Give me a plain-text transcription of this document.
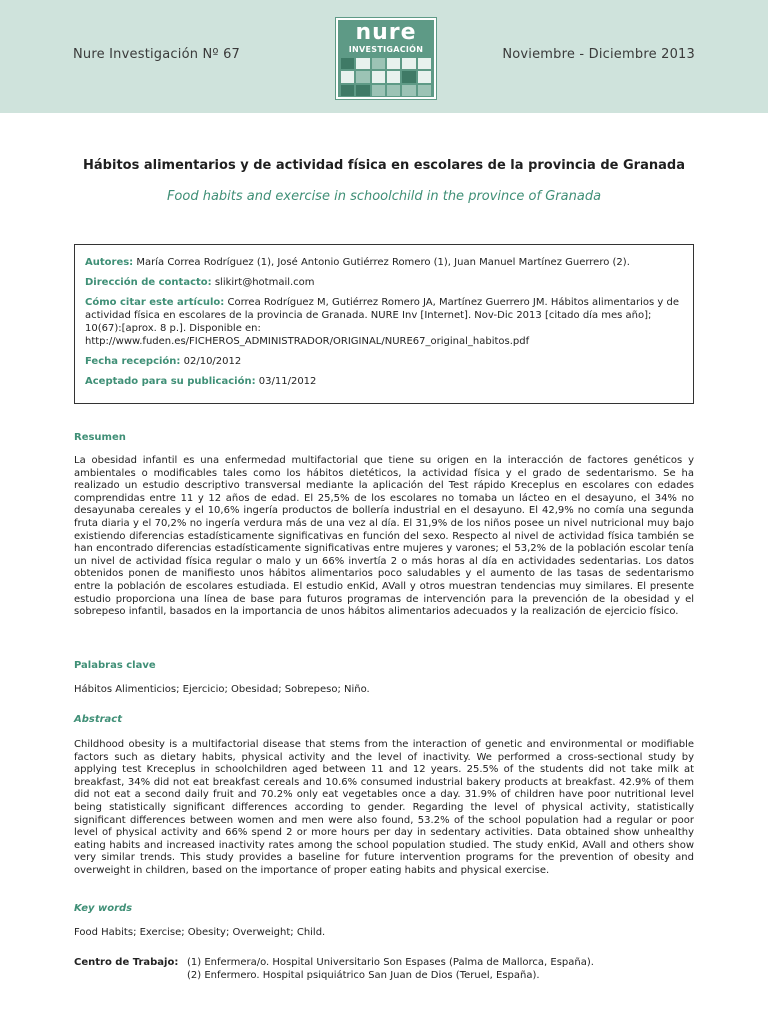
Nure Investigación Nº 67
nure
INVESTIGACIÓN	Noviembre - Diciembre 2013
Hábitos alimentarios y de actividad física en escolares de la provincia de Granada
Food habits and exercise in schoolchild in the province of Granada
Autores: María Correa Rodríguez (1), José Antonio Gutiérrez Romero (1), Juan Manuel Martínez Guerrero (2).
Dirección de contacto: slikirt@hotmail.com
Cómo citar este artículo: Correa Rodríguez M, Gutiérrez Romero JA, Martínez Guerrero JM. Hábitos alimentarios y de actividad física en escolares de la provincia de Granada. NURE Inv [Internet]. Nov-Dic 2013 [citado día mes año]; 10(67):[aprox. 8 p.]. Disponible en: http://www.fuden.es/FICHEROS_ADMINISTRADOR/ORIGINAL/NURE67_original_habitos.pdf
Fecha recepción: 02/10/2012
Aceptado para su publicación: 03/11/2012
Resumen
La obesidad infantil es una enfermedad multifactorial que tiene su origen en la interacción de factores genéticos y ambientales o modificables tales como los hábitos dietéticos, la actividad física y el grado de sedentarismo. Se ha realizado un estudio descriptivo transversal mediante la aplicación del Test rápido Kreceplus en escolares con edades comprendidas entre 11 y 12 años de edad. El 25,5% de los escolares no tomaba un lácteo en el desayuno, el 34% no desayunaba cereales y el 10,6% ingería productos de bollería industrial en el desayuno. El 42,9% no comía una segunda fruta diaria y el 70,2% no ingería verdura más de una vez al día. El 31,9% de los niños posee un nivel nutricional muy bajo existiendo diferencias estadísticamente significativas en función del sexo. Respecto al nivel de actividad física también se han encontrado diferencias estadísticamente significativas entre mujeres y varones; el 53,2% de la población escolar tenía un nivel de actividad física regular o malo y un 66% invertía 2 o más horas al día en actividades sedentarias. Los datos obtenidos ponen de manifiesto unos hábitos alimentarios poco saludables y el aumento de las tasas de sedentarismo entre la población de escolares estudiada. El estudio enKid, AVall y otros muestran tendencias muy similares. El presente estudio proporciona una línea de base para futuros programas de intervención para la prevención de la obesidad y el sobrepeso infantil, basados en la importancia de unos hábitos alimentarios adecuados y la realización de ejercicio físico.
Palabras clave
Hábitos Alimenticios; Ejercicio; Obesidad; Sobrepeso; Niño.
Abstract
Childhood obesity is a multifactorial disease that stems from the interaction of genetic and environmental or modifiable factors such as dietary habits, physical activity and the level of inactivity. We performed a cross-sectional study by applying test Kreceplus in schoolchildren aged between 11 and 12 years. 25.5% of the students did not take milk at breakfast, 34% did not eat breakfast cereals and 10.6% consumed industrial bakery products at breakfast. 42.9% of them did not eat a second daily fruit and 70.2% only eat vegetables once a day. 31.9% of children have poor nutritional level being statistically significant differences according to gender. Regarding the level of physical activity, statistically significant differences between women and men were also found, 53.2% of the school population had a regular or poor level of physical activity and 66% spend 2 or more hours per day in sedentary activities. Data obtained show unhealthy eating habits and increased inactivity rates among the school population studied. The study enKid, AVall and others show very similar trends. This study provides a baseline for future intervention programs for the prevention of obesity and overweight in children, based on the importance of proper eating habits and physical exercise.
Key words
Food Habits; Exercise; Obesity; Overweight; Child.
Centro de Trabajo: (1) Enfermera/o. Hospital Universitario Son Espases (Palma de Mallorca, España).
(2) Enfermero. Hospital psiquiátrico San Juan de Dios (Teruel, España).
